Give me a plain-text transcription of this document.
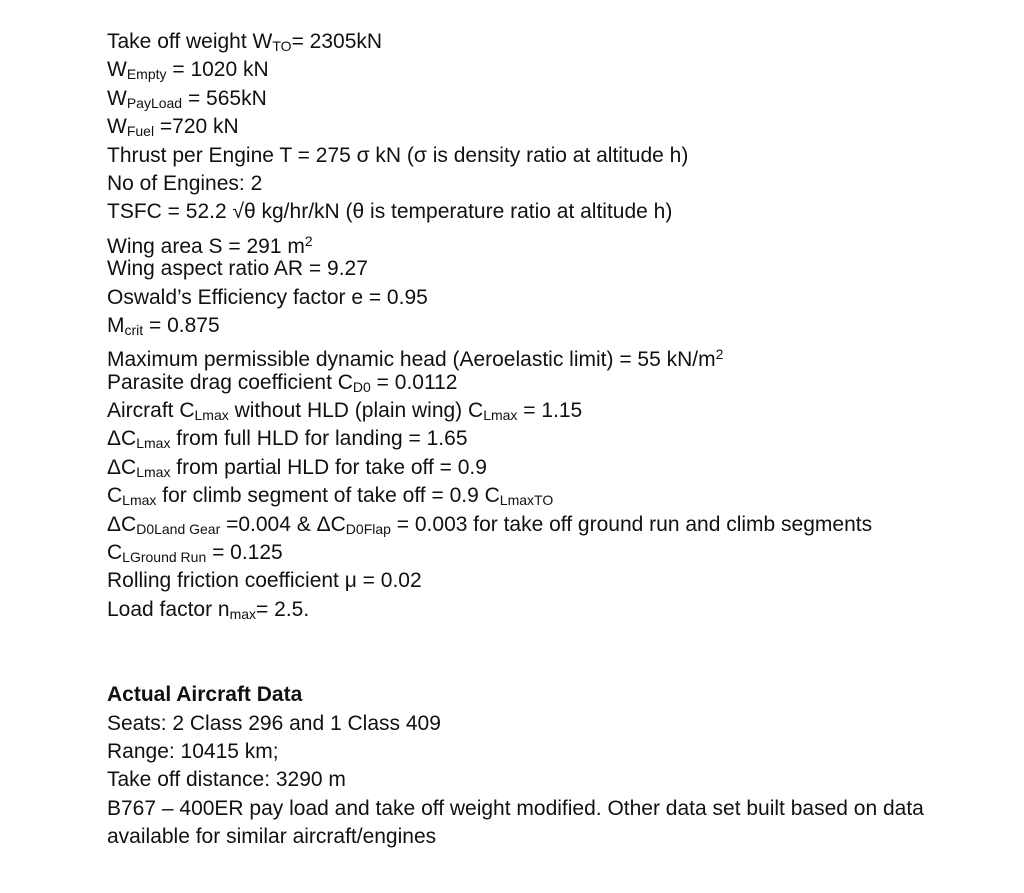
Take off weight $W_{TO}= 2305kN$
$W_{Empty} = 1020$ kN
$W_{PayLoad} = 565kN$
$W_{Fuel} =720$ kN
Thrust per Engine T = 275 σ kN (σ is density ratio at altitude h)
No of Engines: 2
TSFC = 52.2 √θ kg/hr/kN (θ is temperature ratio at altitude h)
Wing area S = 291 $m^2$
Wing aspect ratio AR = 9.27
Oswald’s Efficiency factor e = 0.95
$M_{crit} = 0.875$
Maximum permissible dynamic head (Aeroelastic limit) = 55 $kN/m^2$
Parasite drag coefficient $C_{D0} = 0.0112$
Aircraft $C_{Lmax}$ without HLD (plain wing) $C_{Lmax} = 1.15$
$\Delta C_{Lmax}$ from full HLD for landing = 1.65
$\Delta C_{Lmax}$ from partial HLD for take off = 0.9
$C_{Lmax}$ for climb segment of take off = 0.9 $C_{LmaxTO}$
$\Delta C_{D0Land Gear} =0.004$ & $\Delta C_{D0Flap} = 0.003$ for take off ground run and climb segments
$C_{LGround Run} = 0.125$
Rolling friction coefficient μ = 0.02
Load factor $n_{max}= 2.5$.
Actual Aircraft Data
Seats: 2 Class 296 and 1 Class 409
Range: 10415 km;
Take off distance: 3290 m
B767 – 400ER pay load and take off weight modified. Other data set built based on data available for similar aircraft/engines
